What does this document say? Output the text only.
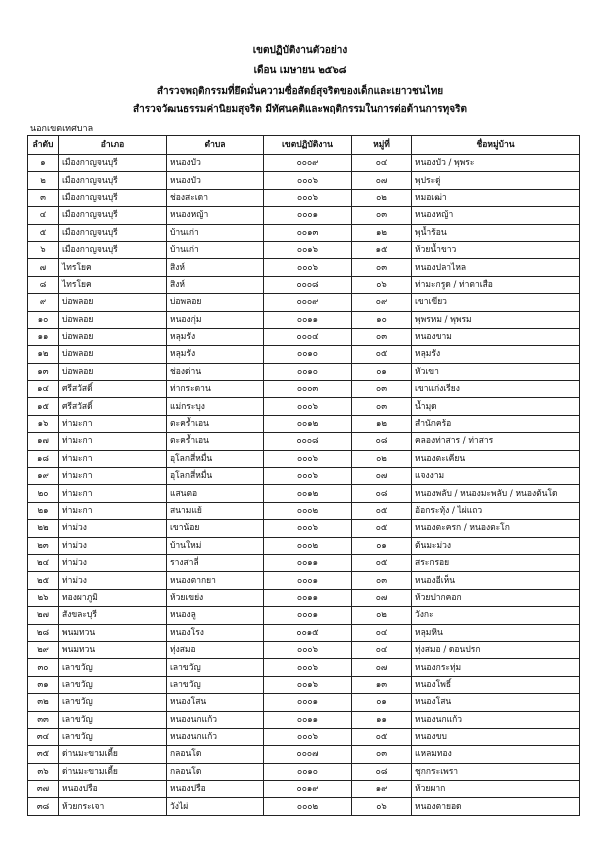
เขตปฏิบัติงานตัวอย่าง
เดือน เมษายน ๒๕๖๘
สำรวจพฤติกรรมที่ยึดมั่นความซื่อสัตย์สุจริตของเด็กและเยาวชนไทย
สำรวจวัฒนธรรมค่านิยมสุจริต มีทัศนคติและพฤติกรรมในการต่อต้านการทุจริต
นอกเขตเทศบาล
ลำดับ	อำเภอ	ตำบล	เขตปฏิบัติงาน	หมู่ที่	ชื่อหมู่บ้าน
๑	เมืองกาญจนบุรี	หนองบัว	๐๐๐๙	๐๔	หนองบัว / พุพระ
๒	เมืองกาญจนบุรี	หนองบัว	๐๐๐๖	๐๗	พุประดู่
๓	เมืองกาญจนบุรี	ช่องสะเดา	๐๐๐๖	๐๒	หมอเฒ่า
๔	เมืองกาญจนบุรี	หนองหญ้า	๐๐๐๑	๐๓	หนองหญ้า
๕	เมืองกาญจนบุรี	บ้านเก่า	๐๐๑๓	๑๒	พุน้ำร้อน
๖	เมืองกาญจนบุรี	บ้านเก่า	๐๐๑๖	๑๕	ห้วยน้ำขาว
๗	ไทรโยค	สิงห์	๐๐๐๖	๐๓	หนองปลาไหล
๘	ไทรโยค	สิงห์	๐๐๐๘	๐๖	ท่ามะกรูด / ท่าตาเสือ
๙	บ่อพลอย	บ่อพลอย	๐๐๐๙	๐๙	เขาเขียว
๑๐	บ่อพลอย	หนองกุ่ม	๐๐๑๑	๑๐	พุพรหม / พุพรม
๑๑	บ่อพลอย	หลุมรัง	๐๐๐๔	๐๓	หนองขาม
๑๒	บ่อพลอย	หลุมรัง	๐๐๑๐	๐๕	หลุมรัง
๑๓	บ่อพลอย	ช่องด่าน	๐๐๑๐	๐๑	หัวเขา
๑๔	ศรีสวัสดิ์	ท่ากระดาน	๐๐๐๓	๐๓	เขาแก่งเรียง
๑๕	ศรีสวัสดิ์	แม่กระบุง	๐๐๐๖	๐๓	น้ำมุด
๑๖	ท่ามะกา	ตะคร้ำเอน	๐๐๑๒	๑๒	สำนักคร้อ
๑๗	ท่ามะกา	ตะคร้ำเอน	๐๐๐๘	๐๘	คลองท่าสาร / ท่าสาร
๑๘	ท่ามะกา	อุโลกสี่หมื่น	๐๐๐๖	๐๒	หนองตะเคียน
๑๙	ท่ามะกา	อุโลกสี่หมื่น	๐๐๐๖	๐๗	แจงงาม
๒๐	ท่ามะกา	แสนตอ	๐๐๑๒	๐๘	หนองพลับ / หนองมะพลับ / หนองต้นโด
๒๑	ท่ามะกา	สนามแย้	๐๐๐๒	๐๕	อ้อกระทุ้ง / ไผ่แถว
๒๒	ท่าม่วง	เขาน้อย	๐๐๐๖	๐๕	หนองตะครก / หนองตะโก
๒๓	ท่าม่วง	บ้านใหม่	๐๐๐๒	๐๑	ต้นมะม่วง
๒๔	ท่าม่วง	รางสาลี่	๐๐๑๑	๐๕	สระกรอย
๒๕	ท่าม่วง	หนองตากยา	๐๐๐๑	๐๓	หนองอีเห็น
๒๖	ทองผาภูมิ	ห้วยเขย่ง	๐๐๑๑	๐๗	ห้วยปากคอก
๒๗	สังขละบุรี	หนองลู	๐๐๐๑	๐๒	วังกะ
๒๘	พนมทวน	หนองโรง	๐๐๑๕	๐๔	หลุมหิน
๒๙	พนมทวน	ทุ่งสมอ	๐๐๐๖	๐๔	ทุ่งสมอ / ดอนปรก
๓๐	เลาขวัญ	เลาขวัญ	๐๐๐๖	๐๗	หนองกระทุ่ม
๓๑	เลาขวัญ	เลาขวัญ	๐๐๑๖	๑๓	หนองโพธิ์
๓๒	เลาขวัญ	หนองโสน	๐๐๐๑	๐๑	หนองโสน
๓๓	เลาขวัญ	หนองนกแก้ว	๐๐๑๑	๑๑	หนองนกแก้ว
๓๔	เลาขวัญ	หนองนกแก้ว	๐๐๐๖	๐๕	หนองขบ
๓๕	ด่านมะขามเตี้ย	กลอนโด	๐๐๐๗	๐๓	แหลมทอง
๓๖	ด่านมะขามเตี้ย	กลอนโด	๐๐๑๐	๐๘	ชุกกระเพรา
๓๗	หนองปรือ	หนองปรือ	๐๐๑๙	๑๙	ห้วยผาก
๓๘	ห้วยกระเจา	วังไผ่	๐๐๐๒	๐๖	หนองตายอด
